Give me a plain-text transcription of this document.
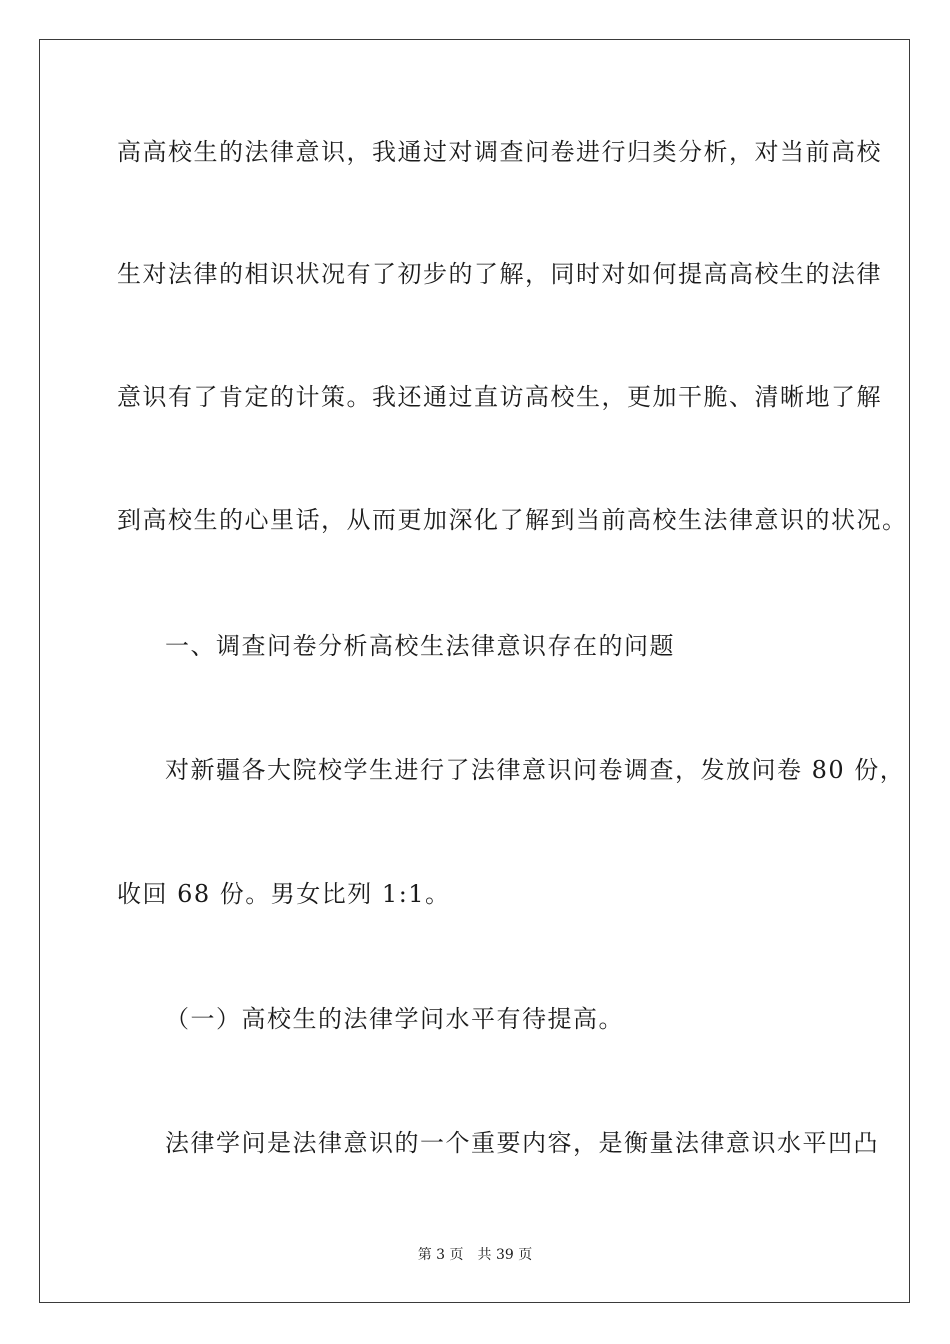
高高校生的法律意识，我通过对调查问卷进行归类分析，对当前高校
生对法律的相识状况有了初步的了解，同时对如何提高高校生的法律
意识有了肯定的计策。我还通过直访高校生，更加干脆、清晰地了解
到高校生的心里话，从而更加深化了解到当前高校生法律意识的状况。
一、调查问卷分析高校生法律意识存在的问题
对新疆各大院校学生进行了法律意识问卷调查，发放问卷 80 份，
收回 68 份。男女比列 1:1。
（一）高校生的法律学问水平有待提高。
法律学问是法律意识的一个重要内容，是衡量法律意识水平凹凸
第 3 页 共 39 页
